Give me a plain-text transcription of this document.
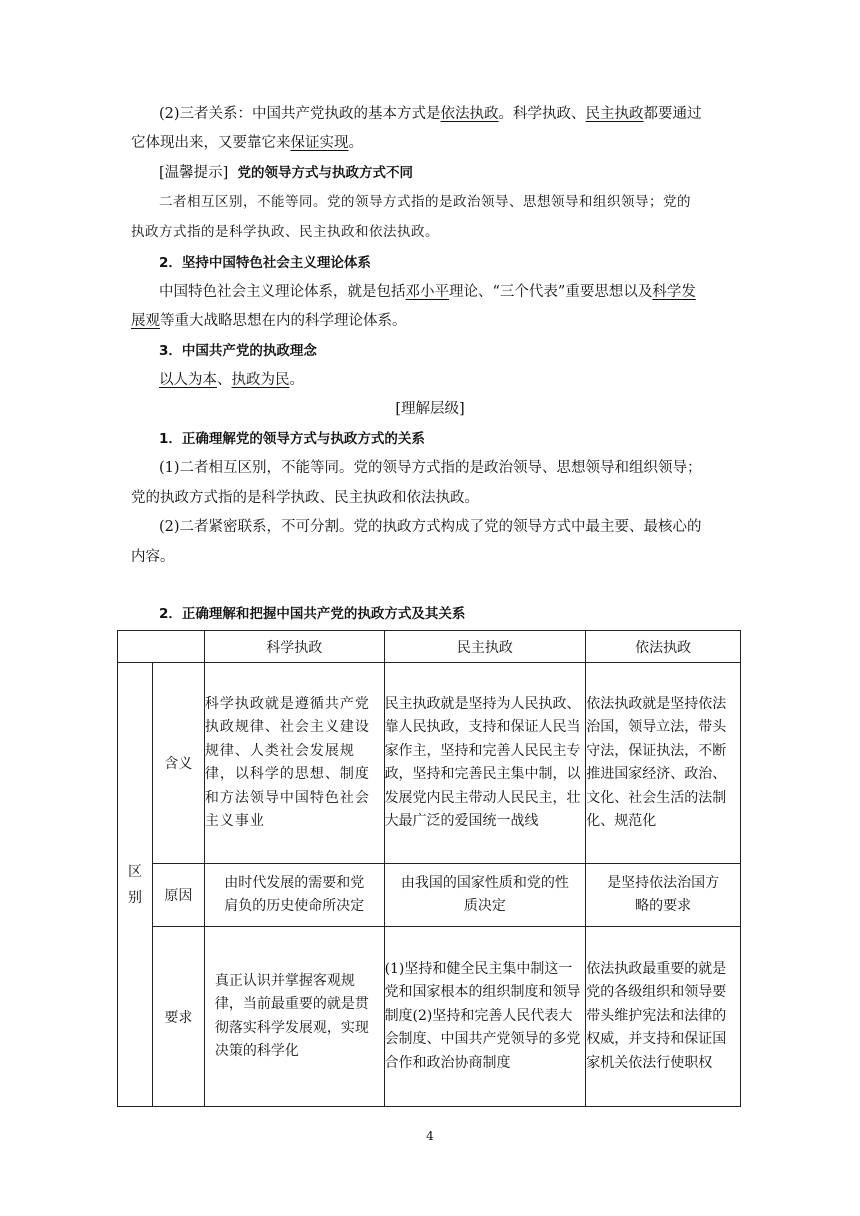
(2)三者关系：中国共产党执政的基本方式是依法执政。科学执政、民主执政都要通过
它体现出来，又要靠它来保证实现。
[温馨提示] 党的领导方式与执政方式不同
二者相互区别，不能等同。党的领导方式指的是政治领导、思想领导和组织领导；党的
执政方式指的是科学执政、民主执政和依法执政。
2．坚持中国特色社会主义理论体系
中国特色社会主义理论体系，就是包括邓小平理论、“三个代表”重要思想以及科学发
展观等重大战略思想在内的科学理论体系。
3．中国共产党的执政理念
以人为本、执政为民。
[理解层级]
1．正确理解党的领导方式与执政方式的关系
(1)二者相互区别，不能等同。党的领导方式指的是政治领导、思想领导和组织领导；
党的执政方式指的是科学执政、民主执政和依法执政。
(2)二者紧密联系，不可分割。党的执政方式构成了党的领导方式中最主要、最核心的
内容。
2．正确理解和把握中国共产党的执政方式及其关系
		科学执政	民主执政	依法执政
区别	含义	科学执政就是遵循共产党执政规律、社会主义建设规律、人类社会发展规律，以科学的思想、制度和方法领导中国特色社会主义事业	民主执政就是坚持为人民执政、靠人民执政，支持和保证人民当家作主，坚持和完善人民民主专政，坚持和完善民主集中制，以发展党内民主带动人民民主，壮大最广泛的爱国统一战线	依法执政就是坚持依法治国，领导立法，带头守法，保证执法，不断推进国家经济、政治、文化、社会生活的法制化、规范化
	原因	由时代发展的需要和党肩负的历史使命所决定	由我国的国家性质和党的性质决定	是坚持依法治国方略的要求
	要求	真正认识并掌握客观规律，当前最重要的就是贯彻落实科学发展观，实现决策的科学化	(1)坚持和健全民主集中制这一党和国家根本的组织制度和领导制度(2)坚持和完善人民代表大会制度、中国共产党领导的多党合作和政治协商制度	依法执政最重要的就是党的各级组织和领导要带头维护宪法和法律的权威，并支持和保证国家机关依法行使职权
4
